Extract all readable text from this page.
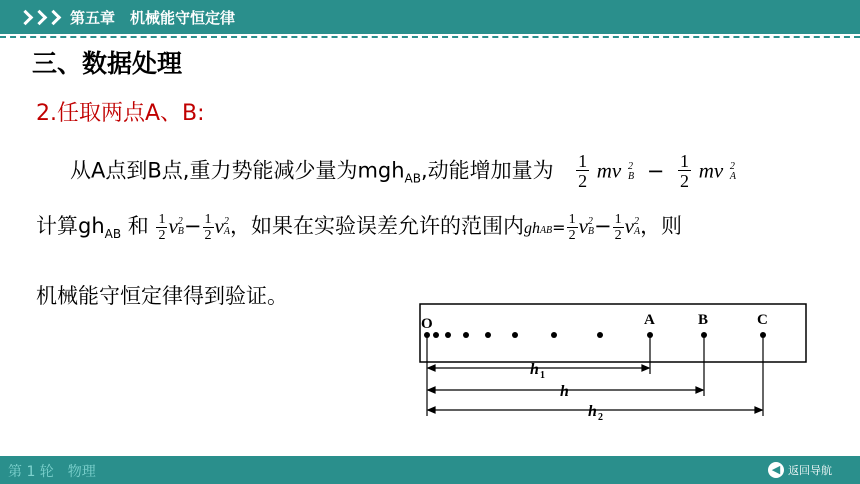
第五章　机械能守恒定律
三、数据处理
2.任取两点A、B:
从A点到B点,重力势能减少量为mgh$_{AB}$,动能增加量为 $\frac{1}{2}$ mv 2
$B - \frac{1}{2}$ mv 2
A
计算$gh_{AB}$ 和 $\frac{1}{2}$ v 2
$B - \frac{1}{2}$ v 2
A ，如果在实验误差允许的范围内ghAB= $\frac{1}{2}$ v 2
$B - \frac{1}{2}$ v 2
A ，则
机械能守恒定律得到验证。
O	A	B	C
h 1
h
h 2
第 1 轮　物理	◀ 返回导航
